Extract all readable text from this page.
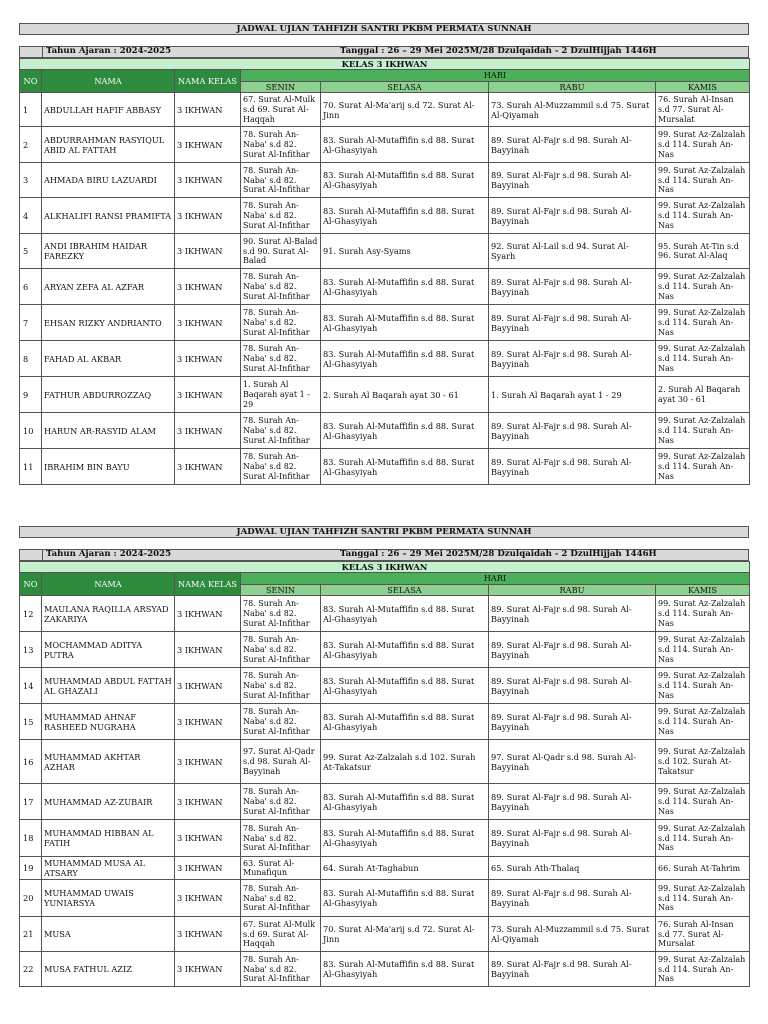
JADWAL UJIAN TAHFIZH SANTRI PKBM PERMATA SUNNAH
Tahun Ajaran : 2024-2025	Tanggal : 26 – 29 Mei 2025M/28 Dzulqaidah - 2 DzulHijjah 1446H
KELAS 3 IKHWAN						
NO	NAMA	NAMA KELAS	HARI			
			SENIN	SELASA	RABU	KAMIS
1	ABDULLAH HAFIF ABBASY	3 IKHWAN	67. Surat Al-Mulk s.d 69. Surat Al-Haqqah	70. Surat Al-Ma'arij s.d 72. Surat Al-Jinn	73. Surah Al-Muzzammil s.d 75. Surat Al-Qiyamah	76. Surah Al-Insan s.d 77. Surat Al-Mursalat
2	ABDURRAHMAN RASYIQUL ABID AL FATTAH	3 IKHWAN	78. Surah An-Naba' s.d 82. Surat Al-Infithar	83. Surah Al-Mutaffifin s.d 88. Surat Al-Ghasyiyah	89. Surat Al-Fajr s.d 98. Surah Al-Bayyinah	99. Surat Az-Zalzalah s.d 114. Surah An-Nas
3	AHMADA BIRU LAZUARDI	3 IKHWAN	78. Surah An-Naba' s.d 82. Surat Al-Infithar	83. Surah Al-Mutaffifin s.d 88. Surat Al-Ghasyiyah	89. Surat Al-Fajr s.d 98. Surah Al-Bayyinah	99. Surat Az-Zalzalah s.d 114. Surah An-Nas
4	ALKHALIFI RANSI PRAMIFTA	3 IKHWAN	78. Surah An-Naba' s.d 82. Surat Al-Infithar	83. Surah Al-Mutaffifin s.d 88. Surat Al-Ghasyiyah	89. Surat Al-Fajr s.d 98. Surah Al-Bayyinah	99. Surat Az-Zalzalah s.d 114. Surah An-Nas
5	ANDI IBRAHIM HAIDAR FAREZKY	3 IKHWAN	90. Surat Al-Balad s.d 90. Surat Al-Balad	91. Surah Asy-Syams	92. Surat Al-Lail s.d 94. Surat Al-Syarh	95. Surah At-Tin s.d 96. Surat Al-Alaq
6	ARYAN ZEFA AL AZFAR	3 IKHWAN	78. Surah An-Naba' s.d 82. Surat Al-Infithar	83. Surah Al-Mutaffifin s.d 88. Surat Al-Ghasyiyah	89. Surat Al-Fajr s.d 98. Surah Al-Bayyinah	99. Surat Az-Zalzalah s.d 114. Surah An-Nas
7	EHSAN RIZKY ANDRIANTO	3 IKHWAN	78. Surah An-Naba' s.d 82. Surat Al-Infithar	83. Surah Al-Mutaffifin s.d 88. Surat Al-Ghasyiyah	89. Surat Al-Fajr s.d 98. Surah Al-Bayyinah	99. Surat Az-Zalzalah s.d 114. Surah An-Nas
8	FAHAD AL AKBAR	3 IKHWAN	78. Surah An-Naba' s.d 82. Surat Al-Infithar	83. Surah Al-Mutaffifin s.d 88. Surat Al-Ghasyiyah	89. Surat Al-Fajr s.d 98. Surah Al-Bayyinah	99. Surat Az-Zalzalah s.d 114. Surah An-Nas
9	FATHUR ABDURROZZAQ	3 IKHWAN	1. Surah Al Baqarah ayat 1 - 29	2. Surah Al Baqarah ayat 30 - 61	1. Surah Al Baqarah ayat 1 - 29	2. Surah Al Baqarah ayat 30 - 61
10	HARUN AR-RASYID ALAM	3 IKHWAN	78. Surah An-Naba' s.d 82. Surat Al-Infithar	83. Surah Al-Mutaffifin s.d 88. Surat Al-Ghasyiyah	89. Surat Al-Fajr s.d 98. Surah Al-Bayyinah	99. Surat Az-Zalzalah s.d 114. Surah An-Nas
11	IBRAHIM BIN BAYU	3 IKHWAN	78. Surah An-Naba' s.d 82. Surat Al-Infithar	83. Surah Al-Mutaffifin s.d 88. Surat Al-Ghasyiyah	89. Surat Al-Fajr s.d 98. Surah Al-Bayyinah	99. Surat Az-Zalzalah s.d 114. Surah An-Nas
JADWAL UJIAN TAHFIZH SANTRI PKBM PERMATA SUNNAH
Tahun Ajaran : 2024-2025	Tanggal : 26 – 29 Mei 2025M/28 Dzulqaidah - 2 DzulHijjah 1446H
KELAS 3 IKHWAN						
NO	NAMA	NAMA KELAS	HARI			
			SENIN	SELASA	RABU	KAMIS
12	MAULANA RAQILLA ARSYAD ZAKARIYA	3 IKHWAN	78. Surah An-Naba' s.d 82. Surat Al-Infithar	83. Surah Al-Mutaffifin s.d 88. Surat Al-Ghasyiyah	89. Surat Al-Fajr s.d 98. Surah Al-Bayyinah	99. Surat Az-Zalzalah s.d 114. Surah An-Nas
13	MOCHAMMAD ADITYA PUTRA	3 IKHWAN	78. Surah An-Naba' s.d 82. Surat Al-Infithar	83. Surah Al-Mutaffifin s.d 88. Surat Al-Ghasyiyah	89. Surat Al-Fajr s.d 98. Surah Al-Bayyinah	99. Surat Az-Zalzalah s.d 114. Surah An-Nas
14	MUHAMMAD ABDUL FATTAH AL GHAZALI	3 IKHWAN	78. Surah An-Naba' s.d 82. Surat Al-Infithar	83. Surah Al-Mutaffifin s.d 88. Surat Al-Ghasyiyah	89. Surat Al-Fajr s.d 98. Surah Al-Bayyinah	99. Surat Az-Zalzalah s.d 114. Surah An-Nas
15	MUHAMMAD AHNAF RASHEED NUGRAHA	3 IKHWAN	78. Surah An-Naba' s.d 82. Surat Al-Infithar	83. Surah Al-Mutaffifin s.d 88. Surat Al-Ghasyiyah	89. Surat Al-Fajr s.d 98. Surah Al-Bayyinah	99. Surat Az-Zalzalah s.d 114. Surah An-Nas
16	MUHAMMAD AKHTAR AZHAR	3 IKHWAN	97. Surat Al-Qadr s.d 98. Surah Al-Bayyinah	99. Surat Az-Zalzalah s.d 102. Surah At-Takatsur	97. Surat Al-Qadr s.d 98. Surah Al-Bayyinah	99. Surat Az-Zalzalah s.d 102. Surah At-Takatsur
17	MUHAMMAD AZ-ZUBAIR	3 IKHWAN	78. Surah An-Naba' s.d 82. Surat Al-Infithar	83. Surah Al-Mutaffifin s.d 88. Surat Al-Ghasyiyah	89. Surat Al-Fajr s.d 98. Surah Al-Bayyinah	99. Surat Az-Zalzalah s.d 114. Surah An-Nas
18	MUHAMMAD HIBBAN AL FATIH	3 IKHWAN	78. Surah An-Naba' s.d 82. Surat Al-Infithar	83. Surah Al-Mutaffifin s.d 88. Surat Al-Ghasyiyah	89. Surat Al-Fajr s.d 98. Surah Al-Bayyinah	99. Surat Az-Zalzalah s.d 114. Surah An-Nas
19	MUHAMMAD MUSA AL ATSARY	3 IKHWAN	63. Surat Al-Munafiqun	64. Surah At-Taghabun	65. Surah Ath-Thalaq	66. Surah At-Tahrim
20	MUHAMMAD UWAIS YUNIARSYA	3 IKHWAN	78. Surah An-Naba' s.d 82. Surat Al-Infithar	83. Surah Al-Mutaffifin s.d 88. Surat Al-Ghasyiyah	89. Surat Al-Fajr s.d 98. Surah Al-Bayyinah	99. Surat Az-Zalzalah s.d 114. Surah An-Nas
21	MUSA	3 IKHWAN	67. Surat Al-Mulk s.d 69. Surat Al-Haqqah	70. Surat Al-Ma'arij s.d 72. Surat Al-Jinn	73. Surah Al-Muzzammil s.d 75. Surat Al-Qiyamah	76. Surah Al-Insan s.d 77. Surat Al-Mursalat
22	MUSA FATHUL AZIZ	3 IKHWAN	78. Surah An-Naba' s.d 82. Surat Al-Infithar	83. Surah Al-Mutaffifin s.d 88. Surat Al-Ghasyiyah	89. Surat Al-Fajr s.d 98. Surah Al-Bayyinah	99. Surat Az-Zalzalah s.d 114. Surah An-Nas
